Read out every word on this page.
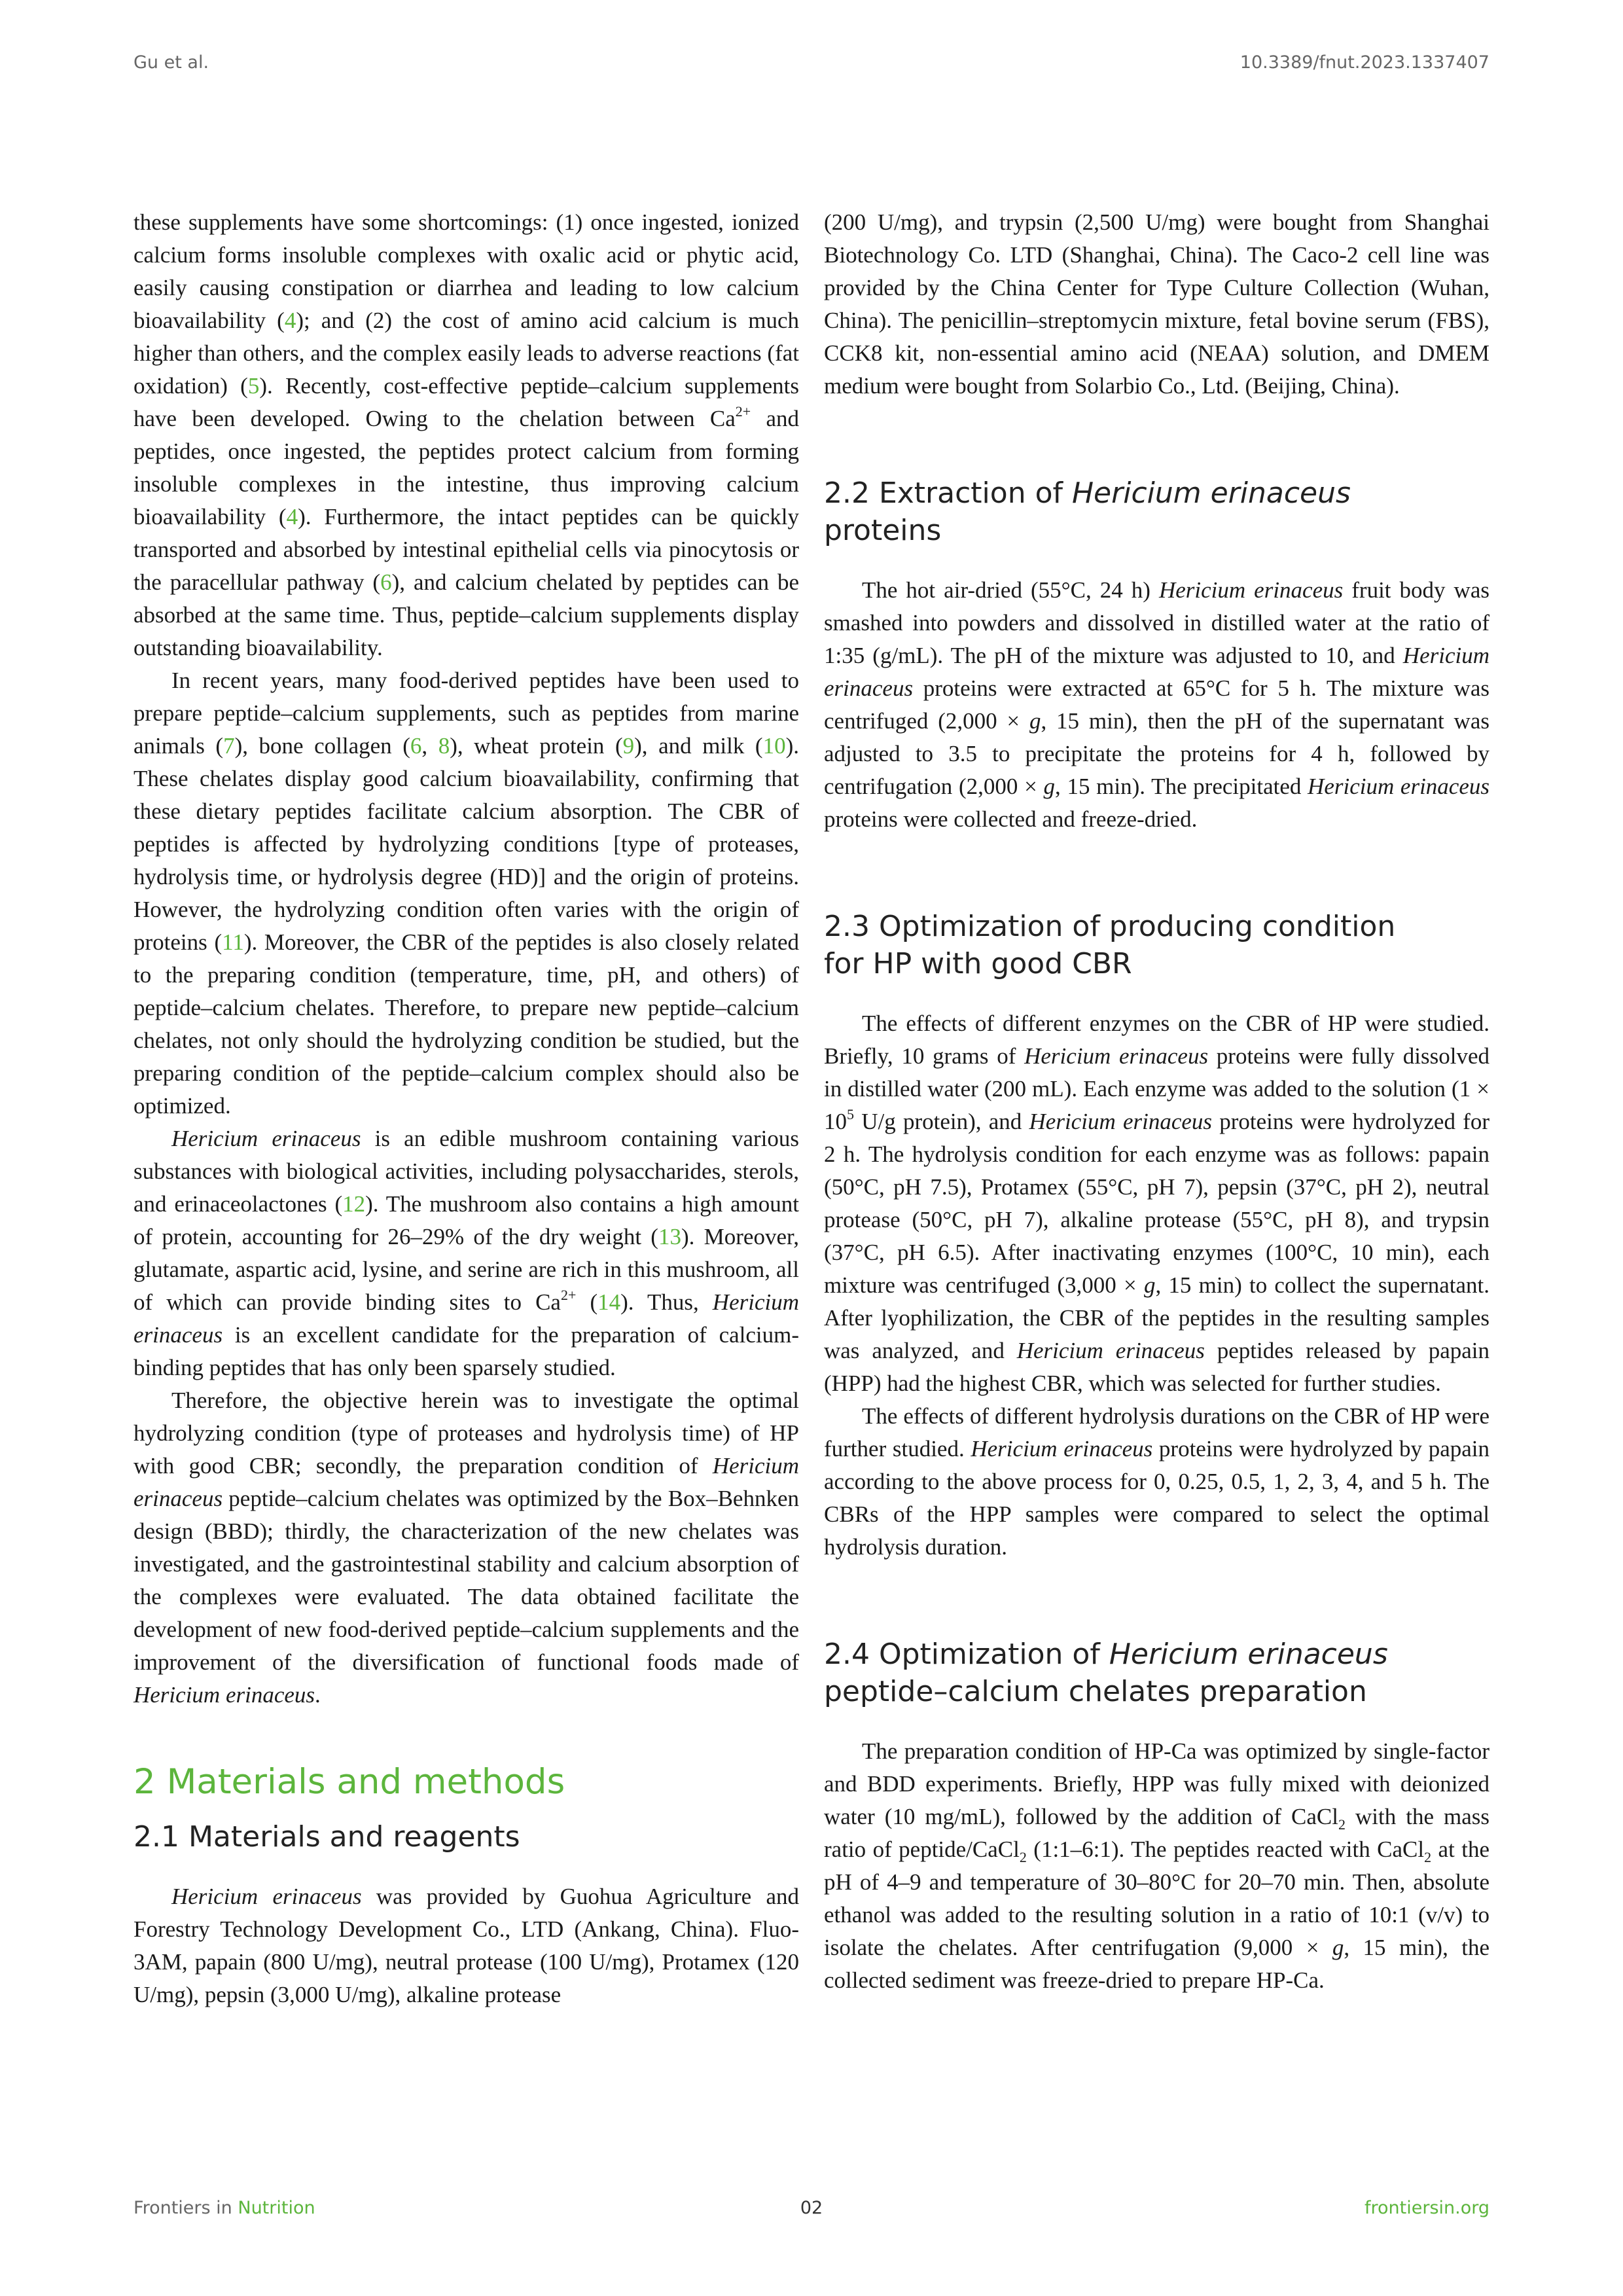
Gu et al.	10.3389/fnut.2023.1337407

these supplements have some shortcomings: (1) once ingested, ionized calcium forms insoluble complexes with oxalic acid or phytic acid, easily causing constipation or diarrhea and leading to low calcium bioavailability (4); and (2) the cost of amino acid calcium is much higher than others, and the complex easily leads to adverse reactions (fat oxidation) (5). Recently, cost-effective peptide–calcium supplements have been developed. Owing to the chelation between $Ca^{2+}$ and peptides, once ingested, the peptides protect calcium from forming insoluble complexes in the intestine, thus improving calcium bioavailability (4). Furthermore, the intact peptides can be quickly transported and absorbed by intestinal epithelial cells via pinocytosis or the paracellular pathway (6), and calcium chelated by peptides can be absorbed at the same time. Thus, peptide–calcium supplements display outstanding bioavailability.

In recent years, many food-derived peptides have been used to prepare peptide–calcium supplements, such as peptides from marine animals (7), bone collagen (6, 8), wheat protein (9), and milk (10). These chelates display good calcium bioavailability, confirming that these dietary peptides facilitate calcium absorption. The CBR of peptides is affected by hydrolyzing conditions [type of proteases, hydrolysis time, or hydrolysis degree (HD)] and the origin of proteins. However, the hydrolyzing condition often varies with the origin of proteins (11). Moreover, the CBR of the peptides is also closely related to the preparing condition (temperature, time, pH, and others) of peptide–calcium chelates. Therefore, to prepare new peptide–calcium chelates, not only should the hydrolyzing condition be studied, but the preparing condition of the peptide–calcium complex should also be optimized.

Hericium erinaceus is an edible mushroom containing various substances with biological activities, including polysaccharides, sterols, and erinaceolactones (12). The mushroom also contains a high amount of protein, accounting for 26–29% of the dry weight (13). Moreover, glutamate, aspartic acid, lysine, and serine are rich in this mushroom, all of which can provide binding sites to $Ca^{2+}$ (14). Thus, Hericium erinaceus is an excellent candidate for the preparation of calcium-binding peptides that has only been sparsely studied.

Therefore, the objective herein was to investigate the optimal hydrolyzing condition (type of proteases and hydrolysis time) of HP with good CBR; secondly, the preparation condition of Hericium erinaceus peptide–calcium chelates was optimized by the Box–Behnken design (BBD); thirdly, the characterization of the new chelates was investigated, and the gastrointestinal stability and calcium absorption of the complexes were evaluated. The data obtained facilitate the development of new food-derived peptide–calcium supplements and the improvement of the diversification of functional foods made of Hericium erinaceus.

2 Materials and methods
2.1 Materials and reagents

Hericium erinaceus was provided by Guohua Agriculture and Forestry Technology Development Co., LTD (Ankang, China). Fluo-3AM, papain (800 U/mg), neutral protease (100 U/mg), Protamex (120 U/mg), pepsin (3,000 U/mg), alkaline protease

(200 U/mg), and trypsin (2,500 U/mg) were bought from Shanghai Biotechnology Co. LTD (Shanghai, China). The Caco-2 cell line was provided by the China Center for Type Culture Collection (Wuhan, China). The penicillin–streptomycin mixture, fetal bovine serum (FBS), CCK8 kit, non-essential amino acid (NEAA) solution, and DMEM medium were bought from Solarbio Co., Ltd. (Beijing, China).

2.2 Extraction of Hericium erinaceus
proteins

The hot air-dried (55°C, 24 h) Hericium erinaceus fruit body was smashed into powders and dissolved in distilled water at the ratio of 1:35 (g/mL). The pH of the mixture was adjusted to 10, and Hericium erinaceus proteins were extracted at 65°C for 5 h. The mixture was centrifuged (2,000 × g, 15 min), then the pH of the supernatant was adjusted to 3.5 to precipitate the proteins for 4 h, followed by centrifugation (2,000 × g, 15 min). The precipitated Hericium erinaceus proteins were collected and freeze-dried.

2.3 Optimization of producing condition
for HP with good CBR

The effects of different enzymes on the CBR of HP were studied. Briefly, 10 grams of Hericium erinaceus proteins were fully dissolved in distilled water (200 mL). Each enzyme was added to the solution ($1 \times 10^5$ U/g protein), and Hericium erinaceus proteins were hydrolyzed for 2 h. The hydrolysis condition for each enzyme was as follows: papain (50°C, pH 7.5), Protamex (55°C, pH 7), pepsin (37°C, pH 2), neutral protease (50°C, pH 7), alkaline protease (55°C, pH 8), and trypsin (37°C, pH 6.5). After inactivating enzymes (100°C, 10 min), each mixture was centrifuged (3,000 × g, 15 min) to collect the supernatant. After lyophilization, the CBR of the peptides in the resulting samples was analyzed, and Hericium erinaceus peptides released by papain (HPP) had the highest CBR, which was selected for further studies.

The effects of different hydrolysis durations on the CBR of HP were further studied. Hericium erinaceus proteins were hydrolyzed by papain according to the above process for 0, 0.25, 0.5, 1, 2, 3, 4, and 5 h. The CBRs of the HPP samples were compared to select the optimal hydrolysis duration.

2.4 Optimization of Hericium erinaceus
peptide–calcium chelates preparation

The preparation condition of HP-Ca was optimized by single-factor and BDD experiments. Briefly, HPP was fully mixed with deionized water (10 mg/mL), followed by the addition of CaCl$_2$ with the mass ratio of peptide/CaCl$_2$ (1:1–6:1). The peptides reacted with CaCl$_2$ at the pH of 4–9 and temperature of 30–80°C for 20–70 min. Then, absolute ethanol was added to the resulting solution in a ratio of 10:1 (v/v) to isolate the chelates. After centrifugation (9,000 × g, 15 min), the collected sediment was freeze-dried to prepare HP-Ca.

Frontiers in Nutrition	02	frontiersin.org
